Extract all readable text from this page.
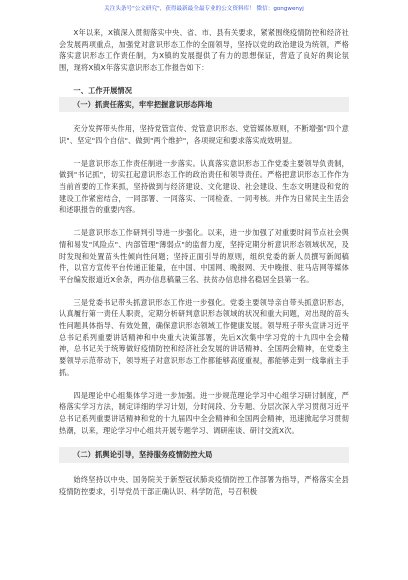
关注头条号"公文研究"，获得最新最全最专业的公文资料库！ 微信：gongwenyj

X年以来，X镇深入贯彻落实中央、省、市、县有关要求，紧紧围绕疫情防控和经济社会发展两项重点，加强党对意识形态工作的全面领导，坚持以党的政治建设为统领，严格落实意识形态工作责任制，为X镇的发展提供了有力的思想保证，营造了良好的舆论氛围，现将X镇X年落实意识形态工作报告如下：

一、工作开展情况
（一）抓责任落实，牢牢把握意识形态阵地

充分发挥带头作用，坚持党管宣传、党管意识形态、党管媒体原则，不断增强"四个意识"、坚定"四个自信"、做到"两个维护"，各项规定和要求落实成效明显。

一是意识形态工作责任制进一步落实。认真落实意识形态工作党委主要领导负责制，做到"书记抓"，切实扛起意识形态工作的政治责任和领导责任。严格把意识形态工作作为当前首要的工作来抓，坚持做到与经济建设、文化建设、社会建设、生态文明建设和党的建设工作紧密结合，一同部署、一同落实、一同检查、一同考核。并作为日常民主生活会和述职报告的重要内容。

二是意识形态工作研判引导进一步强化。以来，进一步加强了对重要时间节点社会舆情和易发"风险点"、内部管理"薄弱点"的监督力度，坚持定期分析意识形态领域状况，及时发现和处置苗头性倾向性问题；坚持正面引导的原则，组织党委的新人员撰写新闻稿件，以官方宣传平台传递正能量，在中国、中国网、晚报网、天中晚报、驻马店网等媒体平台编发报道近X余条，两办信息稿量三名、扶贫办信息排名稳居全县第一名。

三是党委书记带头抓意识形态工作进一步强化。党委主要领导亲自带头抓意识形态，认真履行第一责任人职责，定期分析研判意识形态领域的状况和重大问题，对出现的苗头性问题具体指导、有效处置，确保意识形态领域工作健康发展。领导班子带头宣讲习近平总书记系列重要讲话精神和中央重大决策部署，先后X次集中学习党的十九四中全会精神，总书记关于统筹做好疫情防控和经济社会发展的讲话精神、全国两会精神，在党委主要领导示范带动下，领导班子对意识形态工作都能够高度重视，都能够走到一线靠前主手抓。

四是理论中心组集体学习进一步加强。进一步规范理论学习中心组学习研讨制度，严格落实学习方法，制定详细的学习计划，分时间段、分专题、分层次深入学习贯彻习近平总书记系列重要讲话精神和党的十九届四中全会精神和全国两会精神，迅速掀起学习贯彻热潮，以来，理论学习中心组共开展专题学习、调研座谈、研讨交流X次。

（二）抓舆论引导，坚持服务疫情防控大局

始终坚持以中央、国务院关于新型冠状肺炎疫情防控工作部署为指导，严格落实全县疫情防控要求，引导党员干部正确认识、科学防范，号召积极
